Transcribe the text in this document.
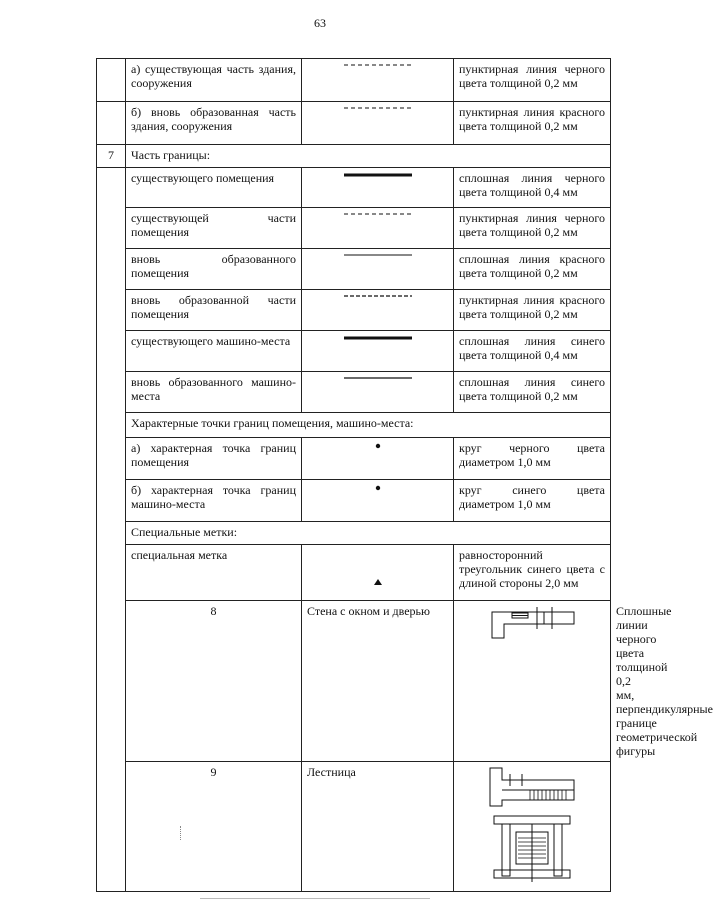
63
	а) существующая часть здания, сооружения		пунктирная линия черного цвета толщиной 0,2 мм	
	б) вновь образованная часть здания, сооружения		пунктирная линия красного цвета толщиной 0,2 мм	
7	Часть границы:			
	существующего помещения		сплошная линия черного цвета толщиной 0,4 мм	
	существующей части помещения		пунктирная линия черного цвета толщиной 0,2 мм	
	вновь образованного помещения		сплошная линия красного цвета толщиной 0,2 мм	
	вновь образованной части помещения		пунктирная линия красного цвета толщиной 0,2 мм	
	существующего машино-места		сплошная линия синего цвета толщиной 0,4 мм	
	вновь образованного машино-места		сплошная линия синего цвета толщиной 0,2 мм	
	Характерные точки границ помещения, машино-места:			
	а) характерная точка границ помещения		круг черного цвета диаметром 1,0 мм	
	б) характерная точка границ машино-места		круг синего цвета диаметром 1,0 мм	
	Специальные метки:			
	специальная метка		равносторонний треугольник синего цвета с длиной стороны 2,0 мм	
	8	Стена с окном и дверью		Сплошные линии черного цвета толщиной 0,2 мм, перпендикулярные границе геометрической фигуры
	9	Лестница	
